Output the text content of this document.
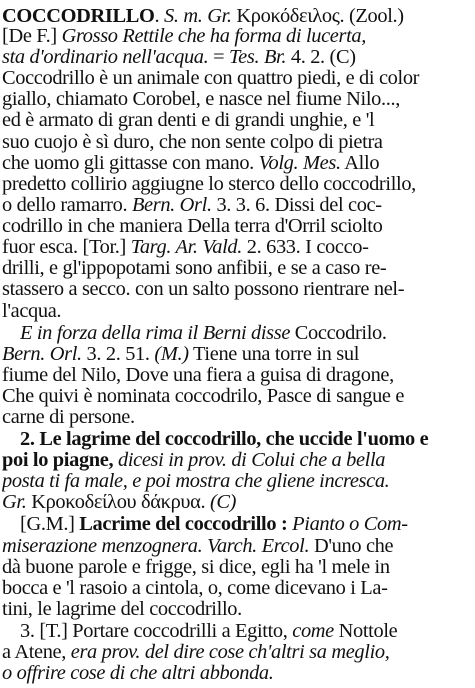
COCCODRILLO. S. m. Gr. Κροκόδειλος. (Zool.)
[De F.] Grosso Rettile che ha forma di lucerta,
sta d'ordinario nell'acqua. = Tes. Br. 4. 2. (C)
Coccodrillo è un animale con quattro piedi, e di color
giallo, chiamato Corobel, e nasce nel fiume Nilo...,
ed è armato di gran denti e di grandi unghie, e 'l
suo cuojo è sì duro, che non sente colpo di pietra
che uomo gli gittasse con mano. Volg. Mes. Allo
predetto collirio aggiugne lo sterco dello coccodrillo,
o dello ramarro. Bern. Orl. 3. 3. 6. Dissi del coc-
codrillo in che maniera Della terra d'Orril sciolto
fuor esca. [Tor.] Targ. Ar. Vald. 2. 633. I cocco-
drilli, e gl'ippopotami sono anfibii, e se a caso re-
stassero a secco. con un salto possono rientrare nel-
l'acqua.
E in forza della rima il Berni disse Coccodrilo.
Bern. Orl. 3. 2. 51. (M.) Tiene una torre in sul
fiume del Nilo, Dove una fiera a guisa di dragone,
Che quivi è nominata coccodrilo, Pasce di sangue e
carne di persone.
2. Le lagrime del coccodrillo, che uccide l'uomo e
poi lo piagne, dicesi in prov. di Colui che a bella
posta ti fa male, e poi mostra che gliene incresca.
Gr. Κροκοδείλου δάκρυα. (C)
[G.M.] Lacrime del coccodrillo : Pianto o Com-
miserazione menzognera. Varch. Ercol. D'uno che
dà buone parole e frigge, si dice, egli ha 'l mele in
bocca e 'l rasoio a cintola, o, come dicevano i La-
tini, le lagrime del coccodrillo.
3. [T.] Portare coccodrilli a Egitto, come Nottole
a Atene, era prov. del dire cose ch'altri sa meglio,
o offrire cose di che altri abbonda.
